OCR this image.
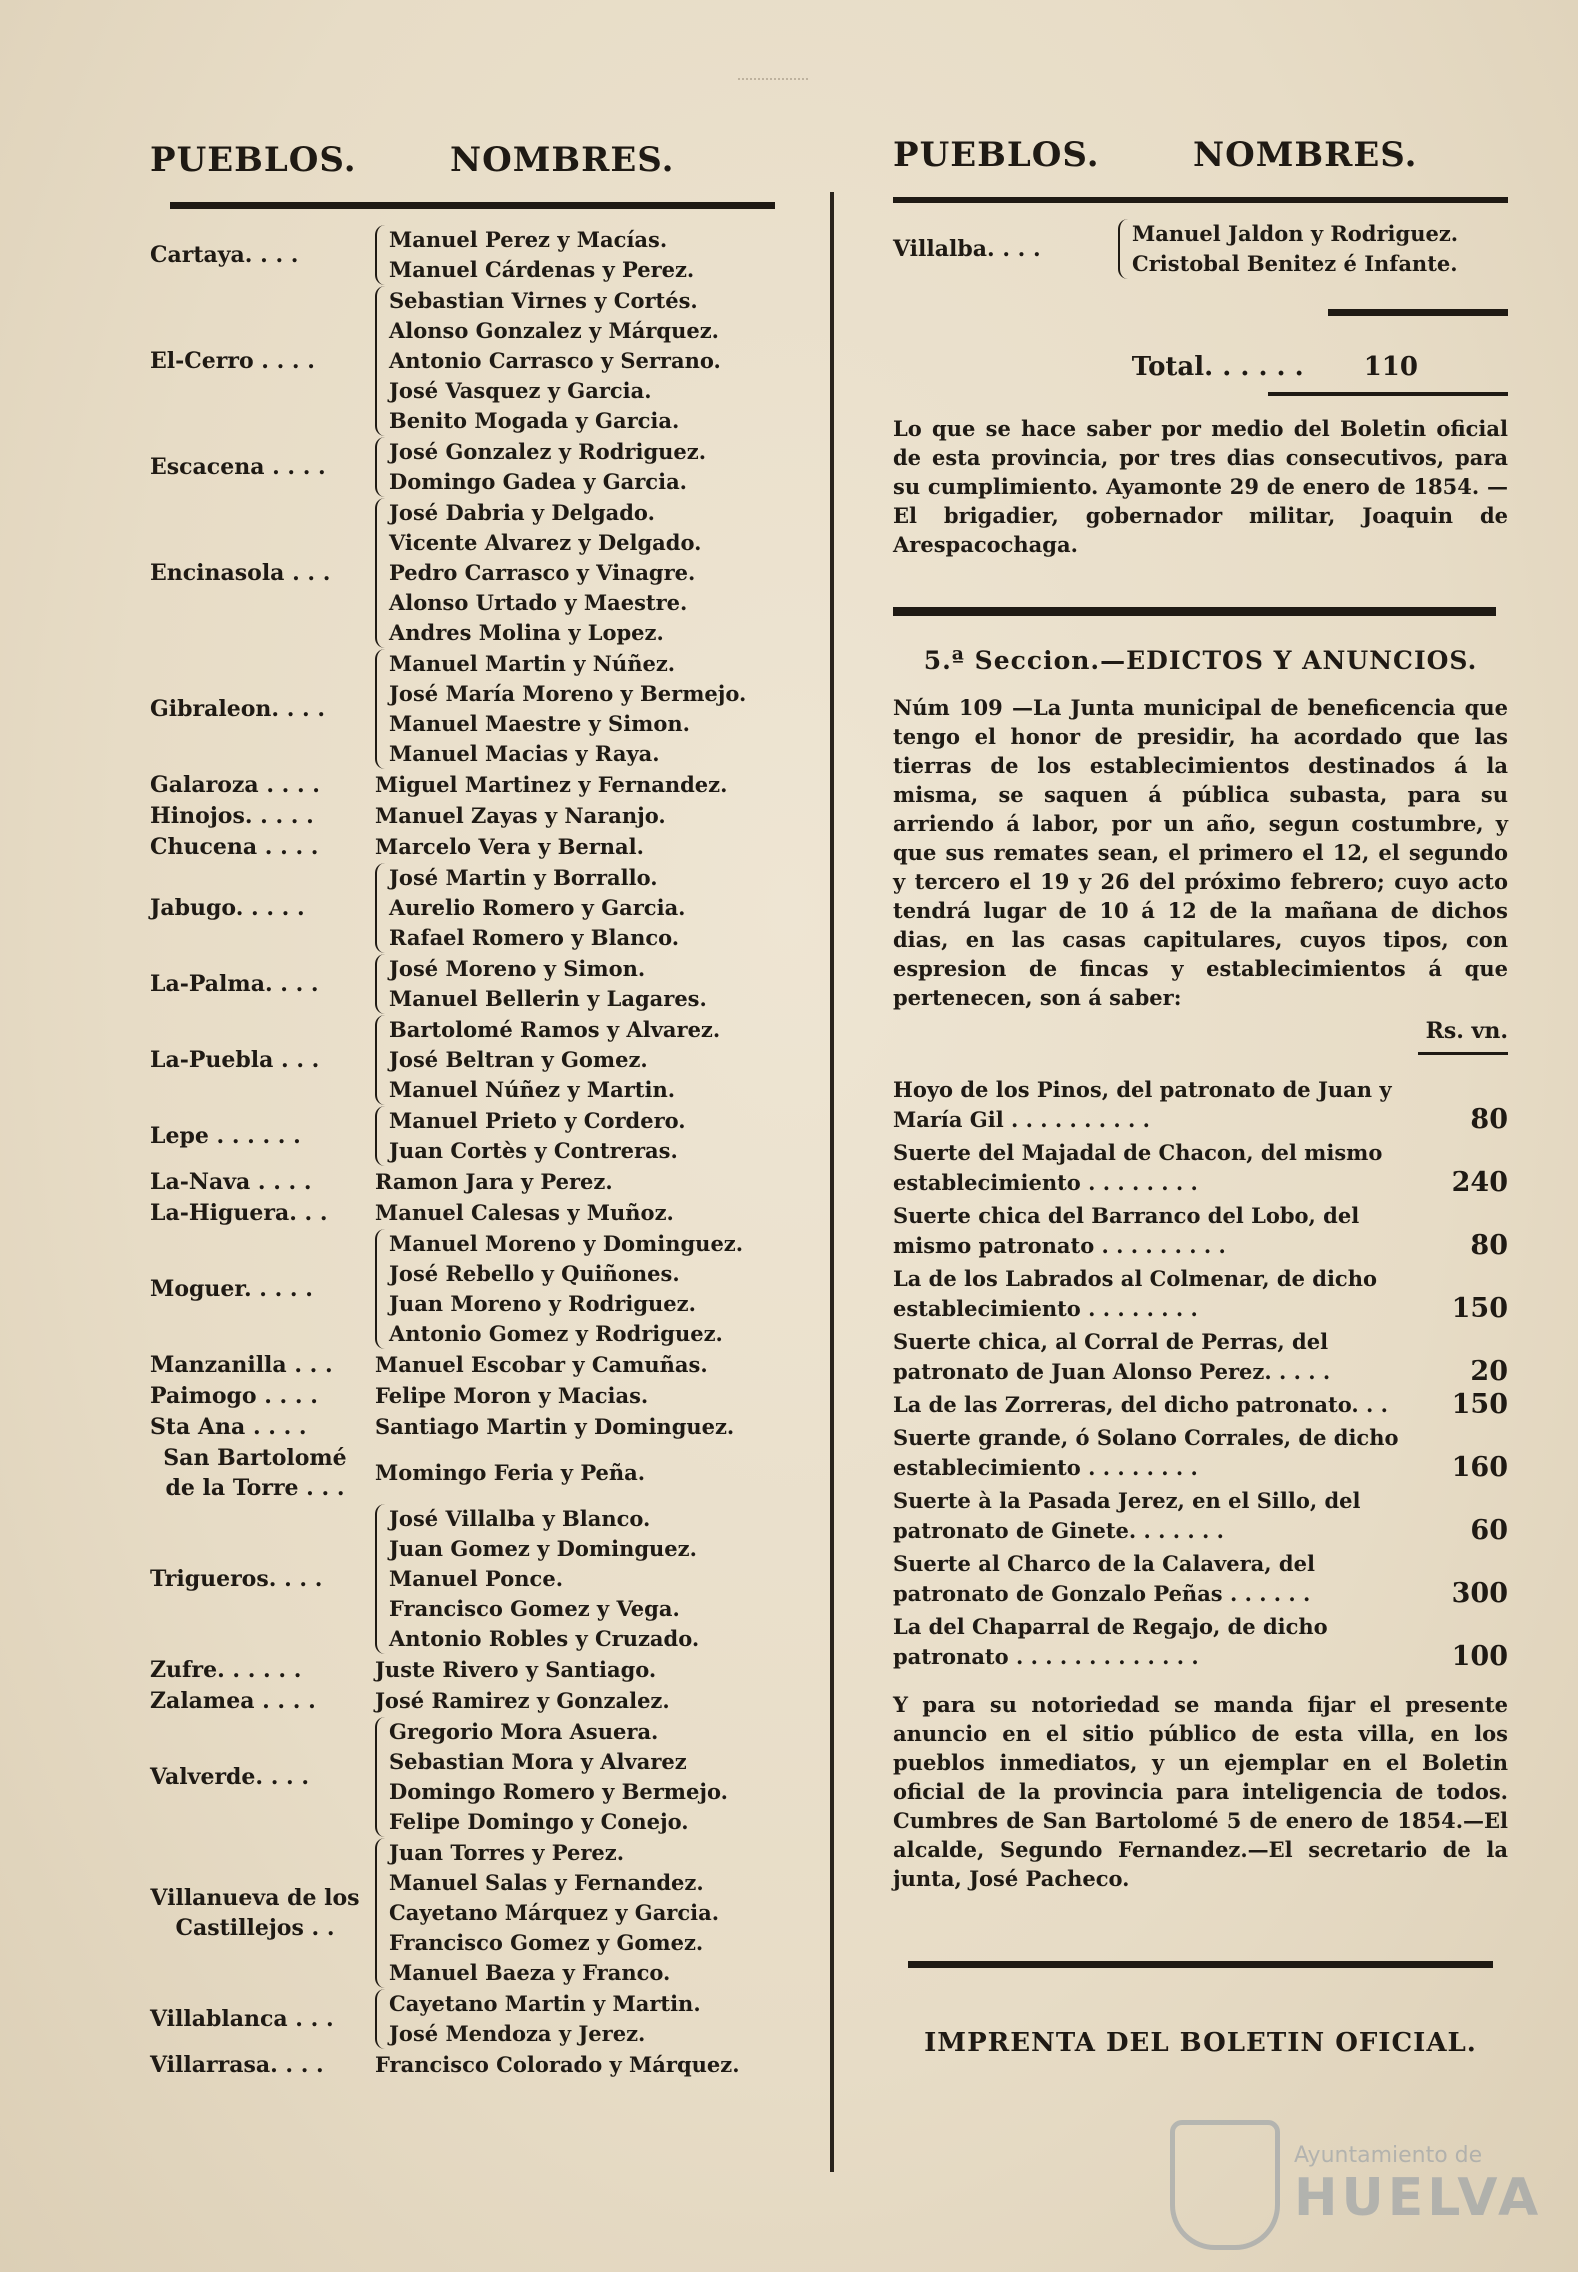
PUEBLOS.	NOMBRES.
Cartaya. . . .
Manuel Perez y Macías.
Manuel Cárdenas y Perez.
El-Cerro . . . .
Sebastian Virnes y Cortés.
Alonso Gonzalez y Márquez.
Antonio Carrasco y Serrano.
José Vasquez y Garcia.
Benito Mogada y Garcia.
Escacena . . . .
José Gonzalez y Rodriguez.
Domingo Gadea y Garcia.
Encinasola . . .
José Dabria y Delgado.
Vicente Alvarez y Delgado.
Pedro Carrasco y Vinagre.
Alonso Urtado y Maestre.
Andres Molina y Lopez.
Gibraleon. . . .
Manuel Martin y Núñez.
José María Moreno y Bermejo.
Manuel Maestre y Simon.
Manuel Macias y Raya.
Galaroza . . . .	Miguel Martinez y Fernandez.
Hinojos. . . . .	Manuel Zayas y Naranjo.
Chucena . . . .	Marcelo Vera y Bernal.
Jabugo. . . . .
José Martin y Borrallo.
Aurelio Romero y Garcia.
Rafael Romero y Blanco.
La-Palma. . . .
José Moreno y Simon.
Manuel Bellerin y Lagares.
La-Puebla . . .
Bartolomé Ramos y Alvarez.
José Beltran y Gomez.
Manuel Núñez y Martin.
Lepe . . . . . .
Manuel Prieto y Cordero.
Juan Cortès y Contreras.
La-Nava . . . .	Ramon Jara y Perez.
La-Higuera. . .	Manuel Calesas y Muñoz.
Moguer. . . . .
Manuel Moreno y Dominguez.
José Rebello y Quiñones.
Juan Moreno y Rodriguez.
Antonio Gomez y Rodriguez.
Manzanilla . . .	Manuel Escobar y Camuñas.
Paimogo . . . .	Felipe Moron y Macias.
Sta Ana . . . .	Santiago Martin y Dominguez.
San Bartolomé de la Torre . . .
Momingo Feria y Peña.
Trigueros. . . .
José Villalba y Blanco.
Juan Gomez y Dominguez.
Manuel Ponce.
Francisco Gomez y Vega.
Antonio Robles y Cruzado.
Zufre. . . . . .	Juste Rivero y Santiago.
Zalamea . . . .	José Ramirez y Gonzalez.
Valverde. . . .
Gregorio Mora Asuera.
Sebastian Mora y Alvarez
Domingo Romero y Bermejo.
Felipe Domingo y Conejo.
Villanueva de los Castillejos . .
Juan Torres y Perez.
Manuel Salas y Fernandez.
Cayetano Márquez y Garcia.
Francisco Gomez y Gomez.
Manuel Baeza y Franco.
Villablanca . . .
Cayetano Martin y Martin.
José Mendoza y Jerez.
Villarrasa. . . .	Francisco Colorado y Márquez.
PUEBLOS.	NOMBRES.
Villalba. . . .
Manuel Jaldon y Rodriguez.
Cristobal Benitez é Infante.
Total. . . . . . 110

Lo que se hace saber por medio del Boletin oficial de esta provincia, por tres dias consecutivos, para su cumplimiento. Ayamonte 29 de enero de 1854. —El brigadier, gobernador militar, Joaquin de Arespacochaga.

5.ª Seccion.—EDICTOS Y ANUNCIOS.

Núm 109 —La Junta municipal de beneficencia que tengo el honor de presidir, ha acordado que las tierras de los establecimientos destinados á la misma, se saquen á pública subasta, para su arriendo á labor, por un año, segun costumbre, y que sus remates sean, el primero el 12, el segundo y tercero el 19 y 26 del próximo febrero; cuyo acto tendrá lugar de 10 á 12 de la mañana de dichos dias, en las casas capitulares, cuyos tipos, con espresion de fincas y establecimientos á que pertenecen, son á saber:

Rs. vn.
Hoyo de los Pinos, del patronato de Juan y María Gil . . . . . . . . . .	80
Suerte del Majadal de Chacon, del mismo establecimiento . . . . . . . .	240
Suerte chica del Barranco del Lobo, del mismo patronato . . . . . . . . .	80
La de los Labrados al Colmenar, de dicho establecimiento . . . . . . . .	150
Suerte chica, al Corral de Perras, del patronato de Juan Alonso Perez. . . . .	20
La de las Zorreras, del dicho patronato. . .	150
Suerte grande, ó Solano Corrales, de dicho establecimiento . . . . . . . .	160
Suerte à la Pasada Jerez, en el Sillo, del patronato de Ginete. . . . . . .	60
Suerte al Charco de la Calavera, del patronato de Gonzalo Peñas . . . . . .	300
La del Chaparral de Regajo, de dicho patronato . . . . . . . . . . . . .	100

Y para su notoriedad se manda fijar el presente anuncio en el sitio público de esta villa, en los pueblos inmediatos, y un ejemplar en el Boletin oficial de la provincia para inteligencia de todos. Cumbres de San Bartolomé 5 de enero de 1854.—El alcalde, Segundo Fernandez.—El secretario de la junta, José Pacheco.

IMPRENTA DEL BOLETIN OFICIAL.
Ayuntamiento de
HUELVA
